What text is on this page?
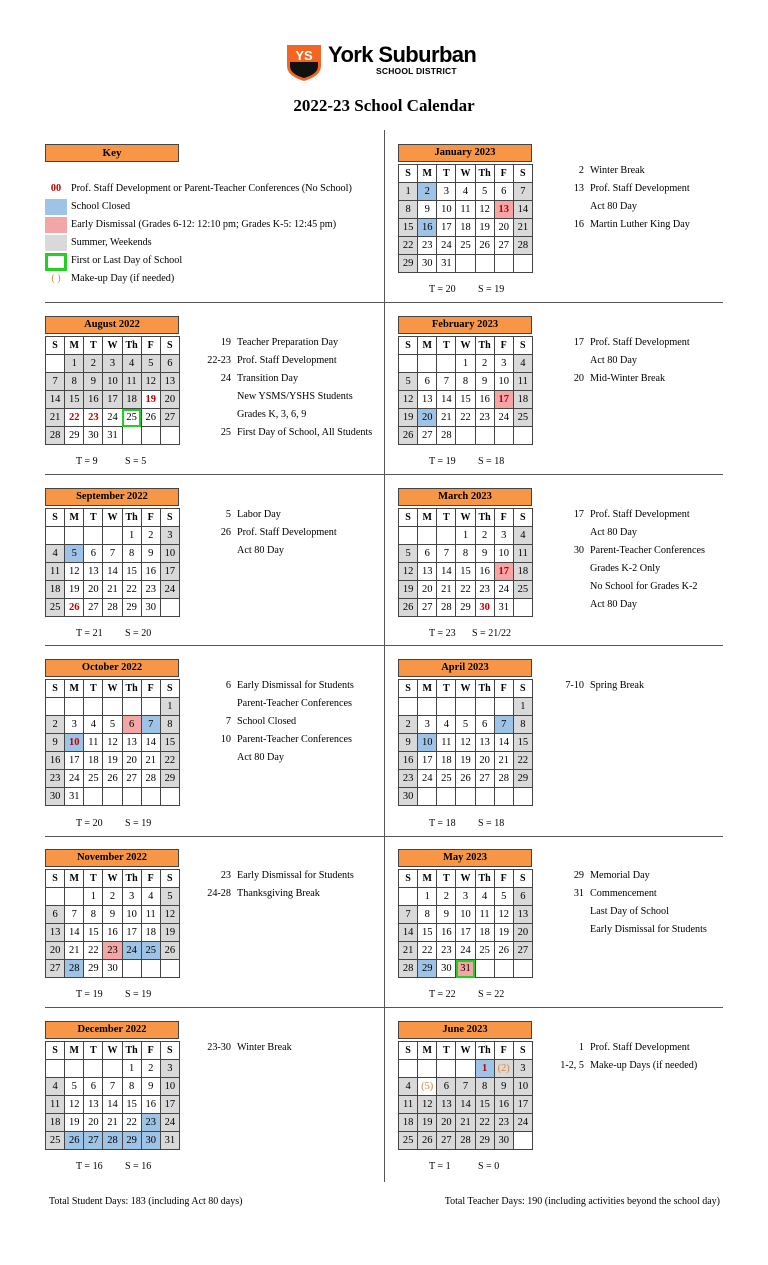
YS York Suburban
SCHOOL DISTRICT
2022-23 School Calendar
Key
00 Prof. Staff Development or Parent-Teacher Conferences (No School)
School Closed
Early Dismissal (Grades 6-12: 12:10 pm; Grades K-5: 12:45 pm)
Summer, Weekends
First or Last Day of School
( )	Make-up Day (if needed)
Total Student Days: 183 (including Act 80 days)	Total Teacher Days: 190 (including activities beyond the school day)
August 2022
S	M	T	W	Th	F	S
	1	2	3	4	5	6
7	8	9	10	11	12	13
14	15	16	17	18	19	20
21	22	23	24	25	26	27
28	29	30	31			
T = 9	S = 5
19 Teacher Preparation Day
22-23 Prof. Staff Development
24 Transition Day
New YSMS/YSHS Students
Grades K, 3, 6, 9
25 First Day of School, All Students
September 2022
S	M	T	W	Th	F	S
				1	2	3
4	5	6	7	8	9	10
11	12	13	14	15	16	17
18	19	20	21	22	23	24
25	26	27	28	29	30	
T = 21 S = 20
5 Labor Day
26 Prof. Staff Development
Act 80 Day
October 2022
S	M	T	W	Th	F	S
						1
2	3	4	5	6	7	8
9	10	11	12	13	14	15
16	17	18	19	20	21	22
23	24	25	26	27	28	29
30	31					
T = 20 S = 19
6 Early Dismissal for Students
Parent-Teacher Conferences
7 School Closed
10 Parent-Teacher Conferences
Act 80 Day
November 2022
S	M	T	W	Th	F	S
		1	2	3	4	5
6	7	8	9	10	11	12
13	14	15	16	17	18	19
20	21	22	23	24	25	26
27	28	29	30			
T = 19 S = 19
23 Early Dismissal for Students
24-28 Thanksgiving Break
December 2022
S	M	T	W	Th	F	S
				1	2	3
4	5	6	7	8	9	10
11	12	13	14	15	16	17
18	19	20	21	22	23	24
25	26	27	28	29	30	31
T = 16 S = 16
23-30 Winter Break
January 2023
S	M	T	W	Th	F	S
1	2	3	4	5	6	7
8	9	10	11	12	13	14
15	16	17	18	19	20	21
22	23	24	25	26	27	28
29	30	31				
T = 20 S = 19
2 Winter Break
13 Prof. Staff Development
Act 80 Day
16 Martin Luther King Day
February 2023
S	M	T	W	Th	F	S
			1	2	3	4
5	6	7	8	9	10	11
12	13	14	15	16	17	18
19	20	21	22	23	24	25
26	27	28				
T = 19 S = 18
17 Prof. Staff Development
Act 80 Day
20 Mid-Winter Break
March 2023
S	M	T	W	Th	F	S
			1	2	3	4
5	6	7	8	9	10	11
12	13	14	15	16	17	18
19	20	21	22	23	24	25
26	27	28	29	30	31	
T = 23 S = 21/22
17 Prof. Staff Development
Act 80 Day
30 Parent-Teacher Conferences
Grades K-2 Only
No School for Grades K-2
Act 80 Day
April 2023
S	M	T	W	Th	F	S
						1
2	3	4	5	6	7	8
9	10	11	12	13	14	15
16	17	18	19	20	21	22
23	24	25	26	27	28	29
30						
T = 18 S = 18
7-10 Spring Break
May 2023
S	M	T	W	Th	F	S
	1	2	3	4	5	6
7	8	9	10	11	12	13
14	15	16	17	18	19	20
21	22	23	24	25	26	27
28	29	30	31			
T = 22 S = 22
29 Memorial Day
31 Commencement
Last Day of School
Early Dismissal for Students
June 2023
S	M	T	W	Th	F	S
				1	(2)	3
4	(5)	6	7	8	9	10
11	12	13	14	15	16	17
18	19	20	21	22	23	24
25	26	27	28	29	30	
T = 1	S = 0
1 Prof. Staff Development
1-2, 5 Make-up Days (if needed)
